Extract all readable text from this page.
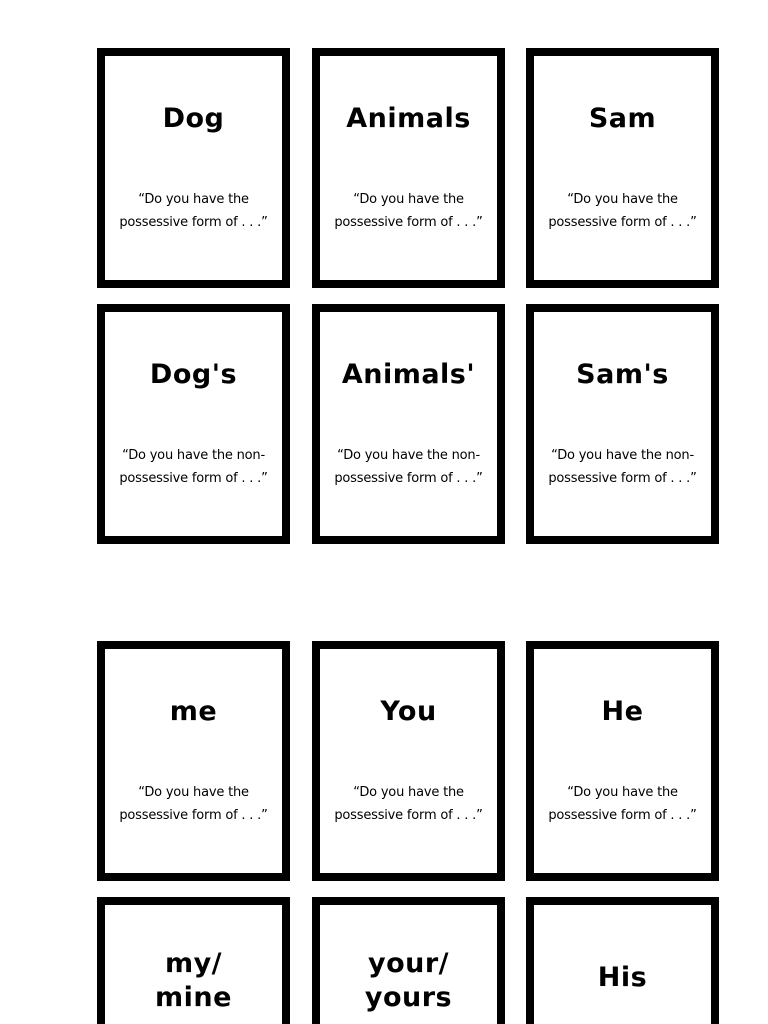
Dog
“Do you have the possessive form of . . .”
Animals
“Do you have the possessive form of . . .”
Sam
“Do you have the possessive form of . . .”
Dog's
“Do you have the non-possessive form of . . .”
Animals'
“Do you have the non-possessive form of . . .”
Sam's
“Do you have the non-possessive form of . . .”
me
“Do you have the possessive form of . . .”
You
“Do you have the possessive form of . . .”
He
“Do you have the possessive form of . . .”
my/ mine
your/ yours
His
